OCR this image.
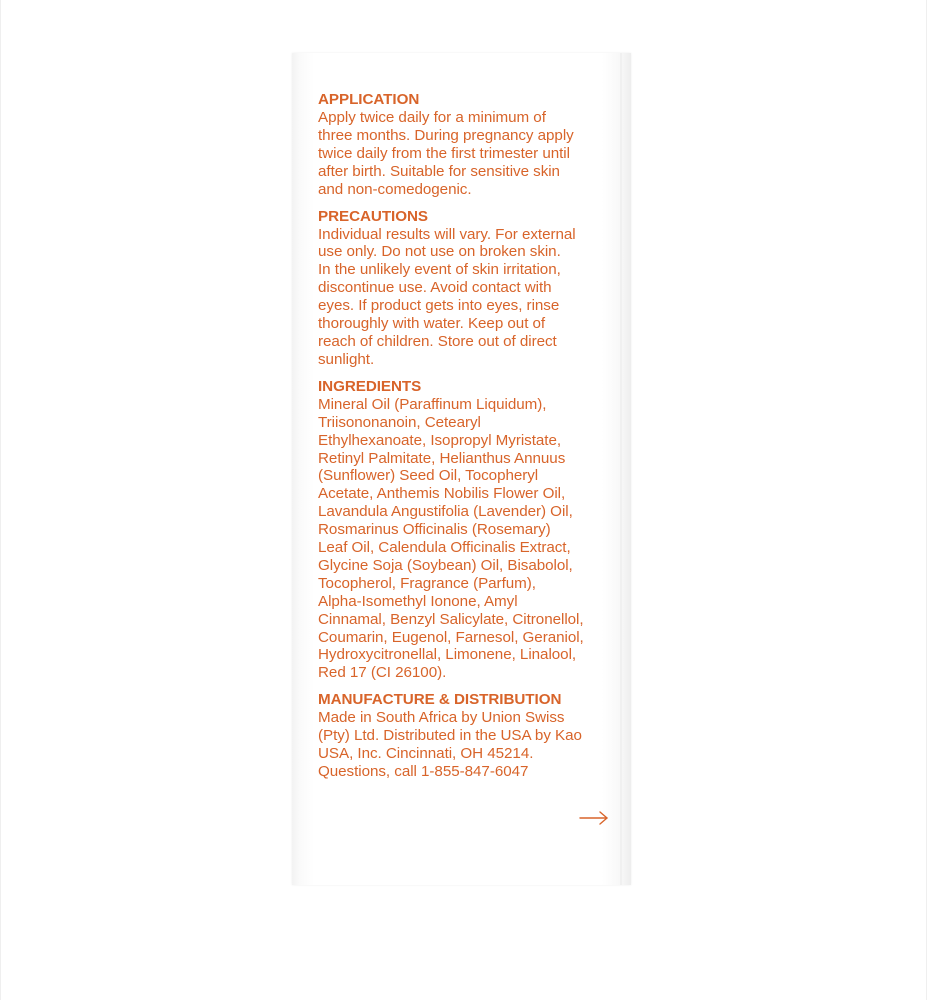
APPLICATION
Apply twice daily for a minimum of
three months. During pregnancy apply
twice daily from the first trimester until
after birth. Suitable for sensitive skin
and non-comedogenic.
PRECAUTIONS
Individual results will vary. For external
use only. Do not use on broken skin.
In the unlikely event of skin irritation,
discontinue use. Avoid contact with
eyes. If product gets into eyes, rinse
thoroughly with water. Keep out of
reach of children. Store out of direct
sunlight.
INGREDIENTS
Mineral Oil (Paraffinum Liquidum),
Triisononanoin, Cetearyl
Ethylhexanoate, Isopropyl Myristate,
Retinyl Palmitate, Helianthus Annuus
(Sunflower) Seed Oil, Tocopheryl
Acetate, Anthemis Nobilis Flower Oil,
Lavandula Angustifolia (Lavender) Oil,
Rosmarinus Officinalis (Rosemary)
Leaf Oil, Calendula Officinalis Extract,
Glycine Soja (Soybean) Oil, Bisabolol,
Tocopherol, Fragrance (Parfum),
Alpha-Isomethyl Ionone, Amyl
Cinnamal, Benzyl Salicylate, Citronellol,
Coumarin, Eugenol, Farnesol, Geraniol,
Hydroxycitronellal, Limonene, Linalool,
Red 17 (CI 26100).
MANUFACTURE & DISTRIBUTION
Made in South Africa by Union Swiss
(Pty) Ltd. Distributed in the USA by Kao
USA, Inc. Cincinnati, OH 45214.
Questions, call 1-855-847-6047
